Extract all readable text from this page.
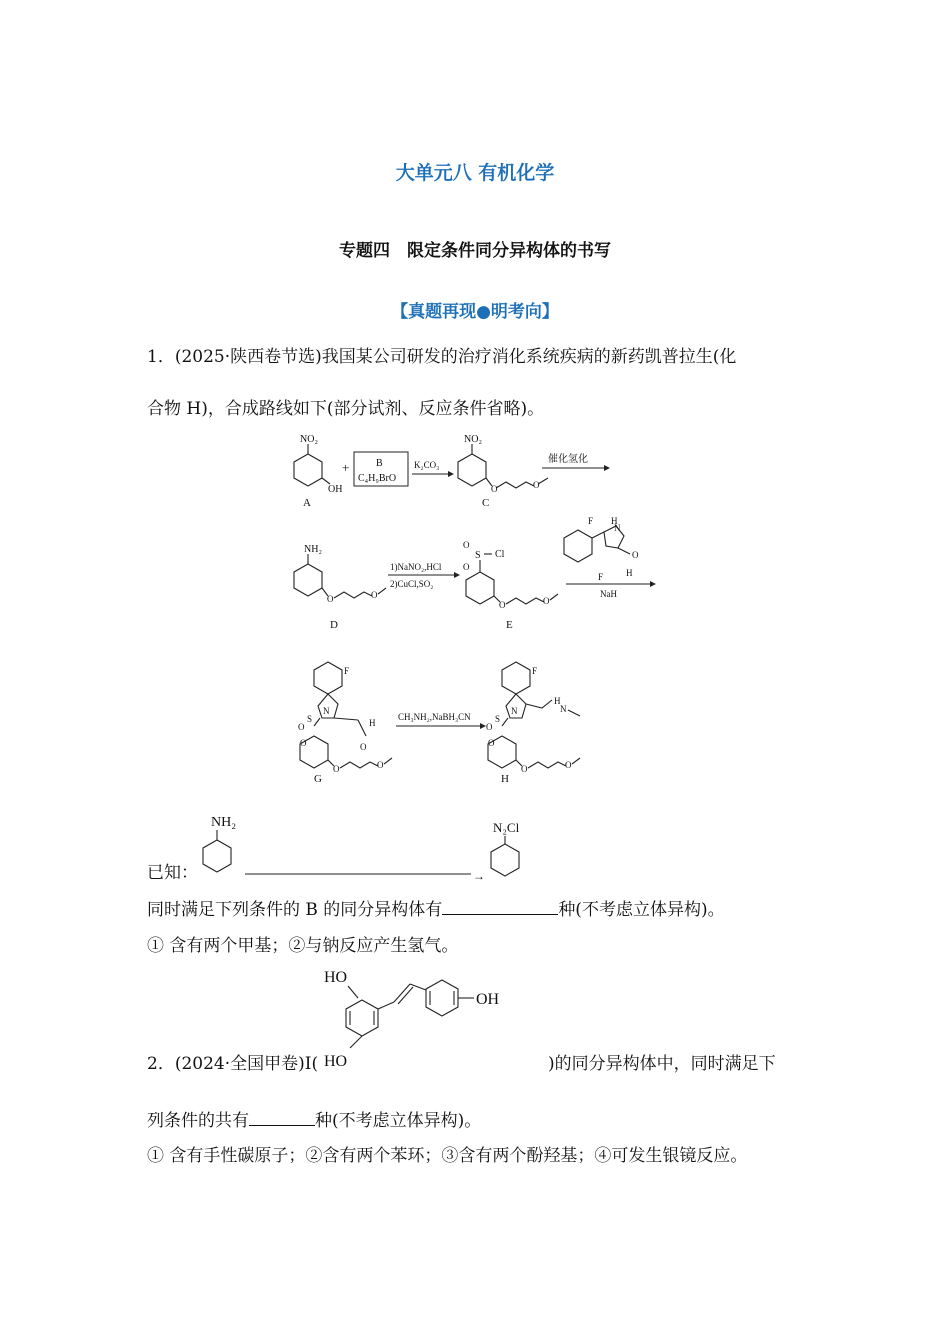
大单元八 有机化学
专题四　限定条件同分异构体的书写
【真题再现●明考向】
1．(2025·陕西卷节选)我国某公司研发的治疗消化系统疾病的新药凯普拉生(化
合物 H)，合成路线如下(部分试剂、反应条件省略)。
NO₂
OH
A
+	B
C₄H₉BrO
K₂CO₃
NO₂
O	O
C
催化氢化
NH₂
O	O
D
1)NaNO₂,HCl
2)CuCl,SO₂
S Cl
O
O
O	O
E
F H
N
O
H
F
NaH
F
N
H
O
S
O
O
O	O
G
CH₃NH₂,NaBH₃CN
F
N
H
N
S
O
O
O	O
H
已知：
NH₂
→
N₂Cl
同时满足下列条件的 B 的同分异构体有	种(不考虑立体异构)。
① 含有两个甲基；②与钠反应产生氢气。
HO
HO
OH
2．(2024·全国甲卷)I(	)的同分异构体中，同时满足下
列条件的共有	种(不考虑立体异构)。
① 含有手性碳原子；②含有两个苯环；③含有两个酚羟基；④可发生银镜反应。
